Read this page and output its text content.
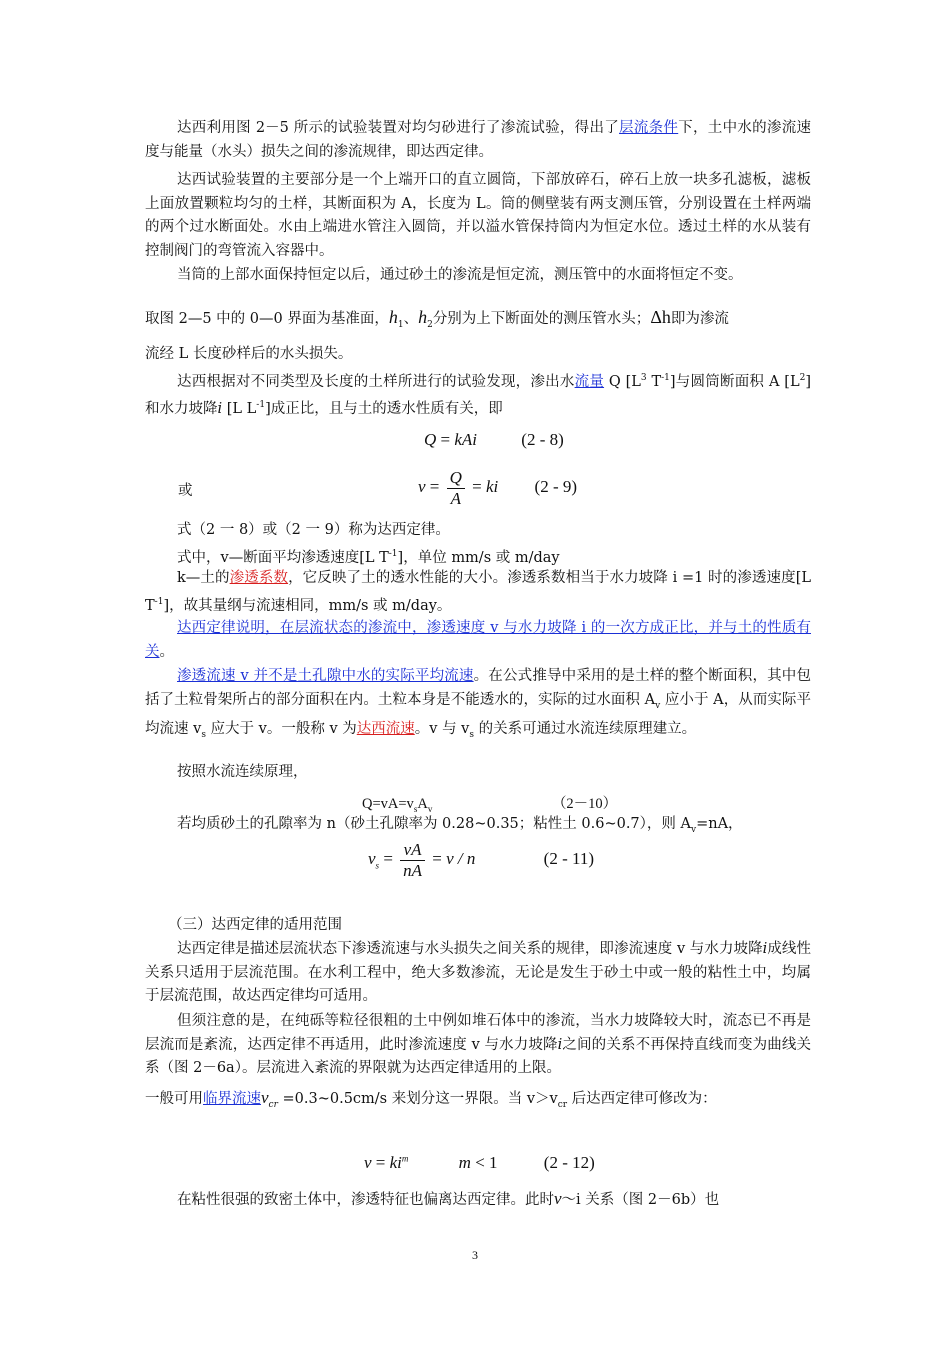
达西利用图 2－5 所示的试验装置对均匀砂进行了渗流试验，得出了层流条件下，土中水的渗流速度与能量（水头）损失之间的渗流规律，即达西定律。

达西试验装置的主要部分是一个上端开口的直立圆筒，下部放碎石，碎石上放一块多孔滤板，滤板上面放置颗粒均匀的土样，其断面积为 A，长度为 L。筒的侧壁装有两支测压管，分别设置在土样两端的两个过水断面处。水由上端进水管注入圆筒，并以溢水管保持筒内为恒定水位。透过土样的水从装有控制阀门的弯管流入容器中。

当筒的上部水面保持恒定以后，通过砂土的渗流是恒定流，测压管中的水面将恒定不变。

取图 2—5 中的 0—0 界面为基准面，$h_1$、$h_2$分别为上下断面处的测压管水头；Δh即为渗流

流经 L 长度砂样后的水头损失。

达西根据对不同类型及长度的土样所进行的试验发现，渗出水流量 Q [$L^3$ $T^{-1}$]与圆筒断面积 A $[L^2]$和水力坡降i [L $L^{-1}$]成正比，且与土的透水性质有关，即

Q = kAi	(2 - 8)

或	$v = \frac{Q}{A}$ = ki (2 - 9)

式（2 一 8）或（2 一 9）称为达西定律。

式中，v—断面平均渗透速度[L $T^{-1}$]，单位 mm/s 或 m/day

k—土的渗透系数，它反映了土的透水性能的大小。渗透系数相当于水力坡降 i =1 时的渗透速度[L $T^{-1}$]，故其量纲与流速相同，mm/s 或 m/day。

达西定律说明，在层流状态的渗流中，渗透速度 v 与水力坡降 i 的一次方成正比，并与土的性质有关。

渗透流速 v 并不是土孔隙中水的实际平均流速。在公式推导中采用的是土样的整个断面积，其中包括了土粒骨架所占的部分面积在内。土粒本身是不能透水的，实际的过水面积 $A_v$ 应小于 A，从而实际平均流速 $v_s$ 应大于 v。一般称 v 为达西流速。v 与 $v_s$ 的关系可通过水流连续原理建立。

按照水流连续原理，

$Q=vA=v_sA_v$	（2－10）

若均质砂土的孔隙率为 n（砂土孔隙率为 0.28~0.35；粘性土 0.6~0.7），则 $A_v=nA$，

$v_s = \frac{vA}{nA} = v / n$	(2 - 11)

（三）达西定律的适用范围

达西定律是描述层流状态下渗透流速与水头损失之间关系的规律，即渗流速度 v 与水力坡降i成线性关系只适用于层流范围。在水利工程中，绝大多数渗流，无论是发生于砂土中或一般的粘性土中，均属于层流范围，故达西定律均可适用。

但须注意的是，在纯砾等粒径很粗的土中例如堆石体中的渗流，当水力坡降较大时，流态已不再是层流而是紊流，达西定律不再适用，此时渗流速度 v 与水力坡降i之间的关系不再保持直线而变为曲线关系（图 2－6a）。层流进入紊流的界限就为达西定律适用的上限。

一般可用临界流速$v_{cr}$ =0.3~0.5cm/s 来划分这一界限。当 $v>v_{cr}$ 后达西定律可修改为：

$v = ki^m$	m < 1	(2 - 12)

在粘性很强的致密土体中，渗透特征也偏离达西定律。此时v～i 关系（图 2－6b）也

3
